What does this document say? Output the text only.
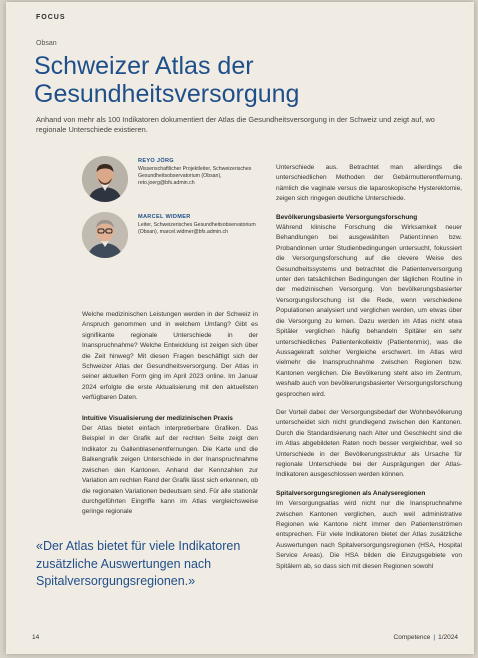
FOCUS
Obsan
Schweizer Atlas der Gesundheitsversorgung
Anhand von mehr als 100 Indikatoren dokumentiert der Atlas die Gesundheitsversorgung in der Schweiz und zeigt auf, wo regionale Unterschiede existieren.
REYO JÖRG
Wissenschaftlicher Projektleiter, Schweizerisches Gesundheitsobservatorium (Obsan), reto.joerg@bfs.admin.ch
MARCEL WIDMER
Leiter, Schweizerisches Gesundheitsobservatorium (Obsan), marcel.widmer@bfs.admin.ch

Welche medizinischen Leistungen werden in der Schweiz in Anspruch genommen und in welchem Umfang? Gibt es signifikante regionale Unterschiede in der Inanspruchnahme? Welche Entwicklung ist zeigen sich über die Zeit hinweg? Mit diesen Fragen beschäftigt sich der Schweizer Atlas der Gesundheitsversorgung. Der Atlas in seiner aktuellen Form ging im April 2023 online. Im Januar 2024 erfolgte die erste Aktualisierung mit den aktuellsten verfügbaren Daten.

Intuitive Visualisierung der medizinischen Praxis

Der Atlas bietet einfach interpretierbare Grafiken. Das Beispiel in der Grafik auf der rechten Seite zeigt den Indikator zu Gallenblasenentfernungen. Die Karte und die Balkengrafik zeigen Unterschiede in der Inanspruchnahme zwischen den Kantonen. Anhand der Kennzahlen zur Variation am rechten Rand der Grafik lässt sich erkennen, ob die regionalen Variationen bedeutsam sind. Für alle stationär durchgeführten Eingriffe kann im Atlas vergleichsweise geringe regionale

Unterschiede aus. Betrachtet man allerdings die unterschiedlichen Methoden der Gebärmutterentfernung, nämlich die vaginale versus die laparoskopische Hysterektomie, zeigen sich ringegen deutliche Unterschiede.

Bevölkerungsbasierte Versorgungsforschung

Während klinische Forschung die Wirksamkeit neuer Behandlungen bei ausgewählten Patient:innen bzw. Probandinnen unter Studienbedingungen untersucht, fokussiert die Versorgungsforschung auf die clevere Weise des Gesundheitssystems und betrachtet die Patientenversorgung unter den tatsächlichen Bedingungen der täglichen Routine in der medizinischen Versorgung. Von bevölkerungsbasierter Versorgungsforschung ist die Rede, wenn verschiedene Populationen analysiert und verglichen werden, um etwas über die Versorgung zu lernen. Dazu werden im Atlas nicht etwa Spitäler verglichen häufig behandeln Spitäler ein sehr unterschiedliches Patientenkollektiv (Patientenmix), was die Aussagekraft solcher Vergleiche erschwert. Im Atlas wird vielmehr die Inanspruchnahme zwischen Regionen bzw. Kantonen verglichen. Die Bevölkerung steht also im Zentrum, weshalb auch von bevölkerungsbasierter Versorgungsforschung gesprochen wird.

Der Vorteil dabei: der Versorgungsbedarf der Wohnbevölkerung unterscheidet sich nicht grundlegend zwischen den Kantonen. Durch die Standardisierung nach Alter und Geschlecht sind die im Atlas abgebildeten Raten noch besser vergleichbar, weil so Unterschiede in der Bevölkerungsstruktur als Ursache für regionale Unterschiede bei der Ausprägungen der Atlas-Indikatoren ausgeschlossen werden können.

Spitalversorgungsregionen als Analyseregionen

Im Versorgungsatlas wird nicht nur die Inanspruchnahme zwischen Kantonen verglichen, auch weil administrative Regionen wie Kantone nicht immer den Patientenströmen entsprechen. Für viele Indikatoren bietet der Atlas zusätzliche Auswertungen nach Spitalversorgungsregionen (HSA, Hospital Service Areas). Die HSA bilden die Einzugsgebiete von Spitälern ab, so dass sich mit diesen Regionen sowohl

«Der Atlas bietet für viele Indikatoren zusätzliche Auswertungen nach Spitalversorgungsregionen.»
14	Competence | 1/2024
